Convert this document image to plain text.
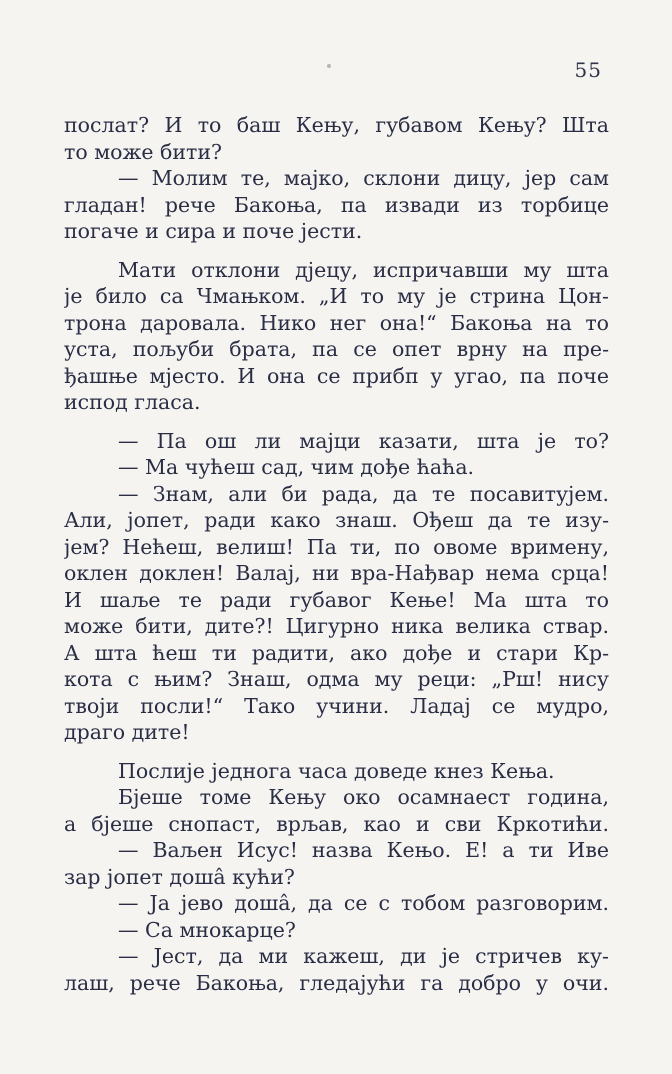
55
послат? И то баш Кењу, губавом Кењу? Шта
то може бити?
— Молим те, мајко, склони дицу, јер сам
гладан! рече Бакоња, па извади из торбице
погаче и сира и поче јести.
Мати отклони дјецу, испричавши му шта
је било са Чмањком. „И то му је стрина Цон-
трона даровала. Нико нег она!“ Бакоња на то
уста, пољуби брата, па се опет врну на пре-
ђашње мјесто. И она се прибп у угао, па поче
испод гласа.
— Па ош ли мајци казати, шта је то?
— Ма чућеш сад, чим дође ћаћа.
— Знам, али би рада, да те посавитујем.
Али, јопет, ради како знаш. Ођеш да те изу-
јем? Нећеш, велиш! Па ти, по овоме вримену,
оклен доклен! Валај, ни вра-Нађвар нема срца!
И шаље те ради губавог Кење! Ма шта то
може бити, дите?! Цигурно ника велика ствар.
А шта ћеш ти радити, ако дође и стари Кр-
кота с њим? Знаш, одма му реци: „Рш! нису
твоји посли!“ Тако учини. Ладај се мудро,
драго дите!
Послије једнога часа доведе кнез Кења.
Бјеше томе Кењу око осамнаест година,
а бјеше снопаст, врљав, као и сви Кркотићи.
— Ваљен Исус! назва Кењо. Е! а ти Иве
зар јопет доша̂ кући?
— Ја јево доша̂, да се с тобом разговорим.
— Са мнокарце?
— Јест, да ми кажеш, ди је стричев ку-
лаш, рече Бакоња, гледајући га добро у очи.
